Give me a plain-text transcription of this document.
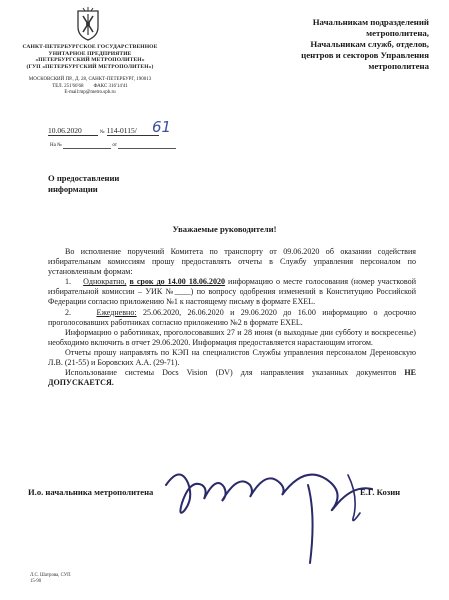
САНКТ-ПЕТЕРБУРГСКОЕ ГОСУДАРСТВЕННОЕ
УНИТАРНОЕ ПРЕДПРИЯТИЕ
«ПЕТЕРБУРГСКИЙ МЕТРОПОЛИТЕН»
(ГУП «ПЕТЕРБУРГСКИЙ МЕТРОПОЛИТЕН»)
МОСКОВСКИЙ ПР., Д. 28, САНКТ-ПЕТЕРБУРГ, 190013
ТЕЛ. 251'66'68        ФАКС 316'14'41
E-mail:mp@metro.spb.ru
10.06.2020	№ 114-0115/ 61
На №	от
Начальникам подразделений
метрополитена,
Начальникам служб, отделов,
центров и секторов Управления
метрополитена
О предоставлении
информации
Уважаемые руководители!

Во исполнение поручений Комитета по транспорту от 09.06.2020 об оказании содействия избирательным комиссиям прошу предоставлять отчеты в Службу управления персоналом по установленным формам:

1. Однократно, в срок до 14.00 18.06.2020 информацию о месте голосования (номер участковой избирательной комиссии – УИК №____) по вопросу одобрения изменений в Конституцию Российской Федерации согласно приложению №1 к настоящему письму в формате EXEL.

2.	Ежедневно: 25.06.2020, 26.06.2020 и 29.06.2020 до 16.00 информацию о досрочно проголосовавших работниках согласно приложению №2 в формате EXEL.

Информацию о работниках, проголосовавших 27 и 28 июня (в выходные дни субботу и воскресенье) необходимо включить в отчет 29.06.2020. Информация предоставляется нарастающим итогом.

Отчеты прошу направлять по КЭП на специалистов Службы управления персоналом Дереновскую Л.В. (21-55) и Боровских А.А. (29-71).

Использование системы Docs Vision (DV) для направления указанных документов НЕ ДОПУСКАЕТСЯ.

И.о. начальника метрополитена	Е.Г. Козин
Л.С. Шатрова, СУП
15-90
